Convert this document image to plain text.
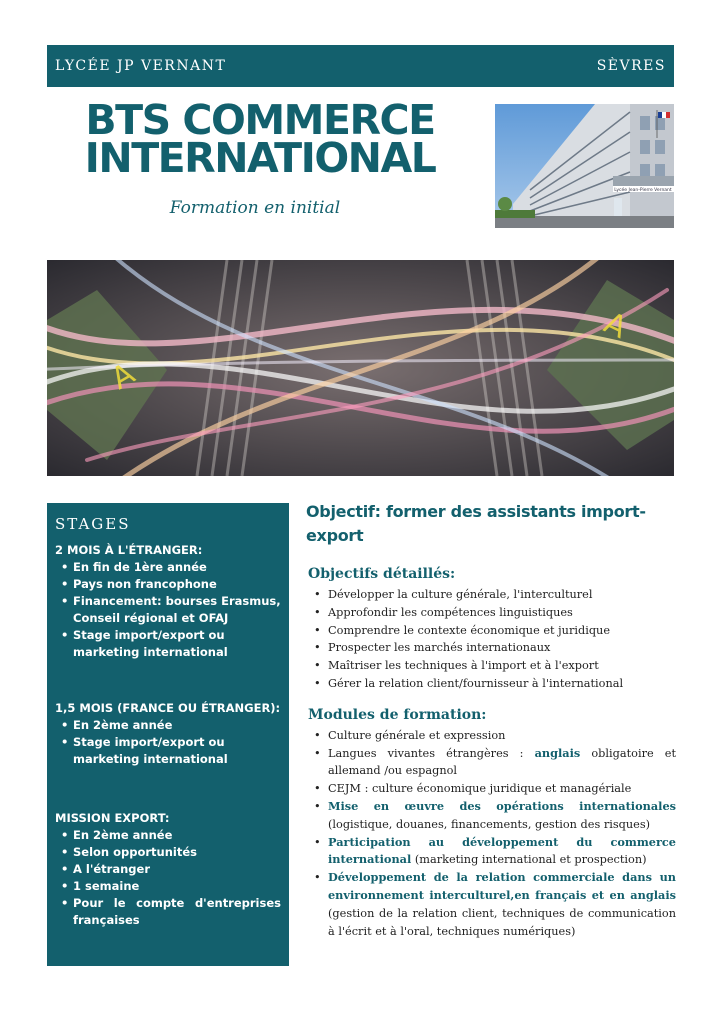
LYCÉE JP VERNANT	SÈVRES
BTS COMMERCE
INTERNATIONAL
Formation en initial
Lycée Jean-Pierre Vernant
A
A
STAGES
2 MOIS À L'ÉTRANGER:
• En fin de 1ère année
• Pays non francophone
• Financement: bourses Erasmus, Conseil régional et OFAJ
• Stage import/export ou marketing international
1,5 MOIS (FRANCE OU ÉTRANGER):
• En 2ème année
• Stage import/export ou marketing international
MISSION EXPORT:
• En 2ème année
• Selon opportunités
• A l'étranger
• 1 semaine
• Pour le compte d'entreprises françaises
Objectif: former des assistants import-export
Objectifs détaillés:
• Développer la culture générale, l'interculturel
• Approfondir les compétences linguistiques
• Comprendre le contexte économique et juridique
• Prospecter les marchés internationaux
• Maîtriser les techniques à l'import et à l'export
• Gérer la relation client/fournisseur à l'international
Modules de formation:
• Culture générale et expression
• Langues vivantes étrangères : anglais obligatoire et allemand /ou espagnol
• CEJM : culture économique juridique et managériale
• Mise en œuvre des opérations internationales (logistique, douanes, financements, gestion des risques)
• Participation au développement du commerce international (marketing international et prospection)
• Développement de la relation commerciale dans un environnement interculturel,en français et en anglais (gestion de la relation client, techniques de communication à l'écrit et à l'oral, techniques numériques)
